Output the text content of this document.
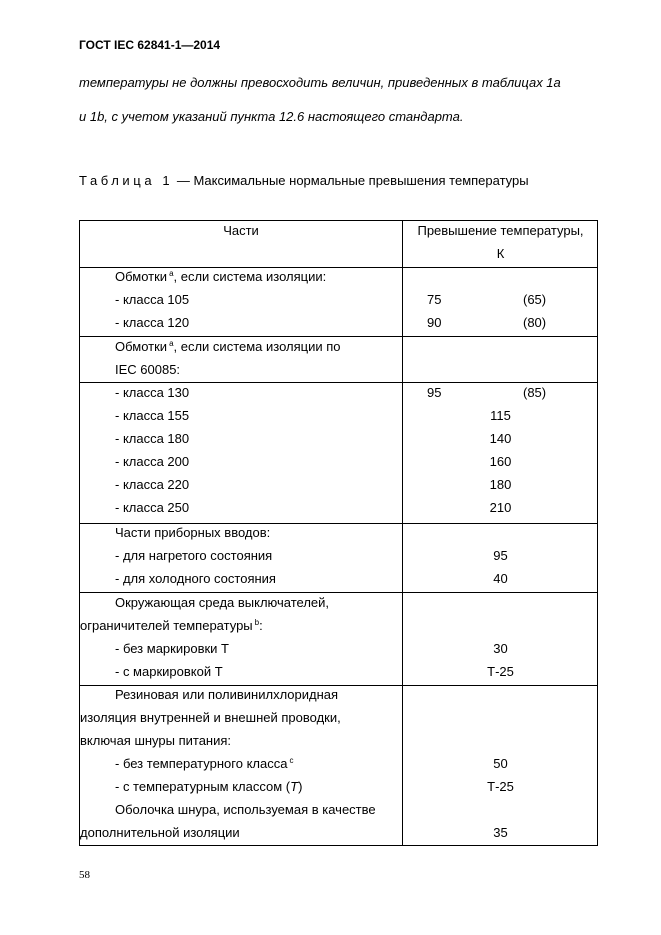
ГОСТ IEC 62841-1—2014
температуры не должны превосходить величин, приведенных в таблицах 1а
и 1b, с учетом указаний пункта 12.6 настоящего стандарта.
Таблица 1 — Максимальные нормальные превышения температуры
Части	Превышение температуры,
К
Обмотки $^a$, если система изоляции:
- класса 105	75	(65)
- класса 120	90	(80)
Обмотки $^a$, если система изоляции по
IEC 60085:
- класса 130	95	(85)
- класса 155	115
- класса 180	140
- класса 200	160
- класса 220	180
- класса 250	210
Части приборных вводов:
- для нагретого состояния	95
- для холодного состояния	40
Окружающая среда выключателей,
ограничителей температуры $^b$:
- без маркировки Т	30
- с маркировкой Т	Т-25
Резиновая или поливинилхлоридная
изоляция внутренней и внешней проводки,
включая шнуры питания:
- без температурного класса $^c$	50
- с температурным классом (T)	Т-25
Оболочка шнура, используемая в качестве
дополнительной изоляции	35
58
